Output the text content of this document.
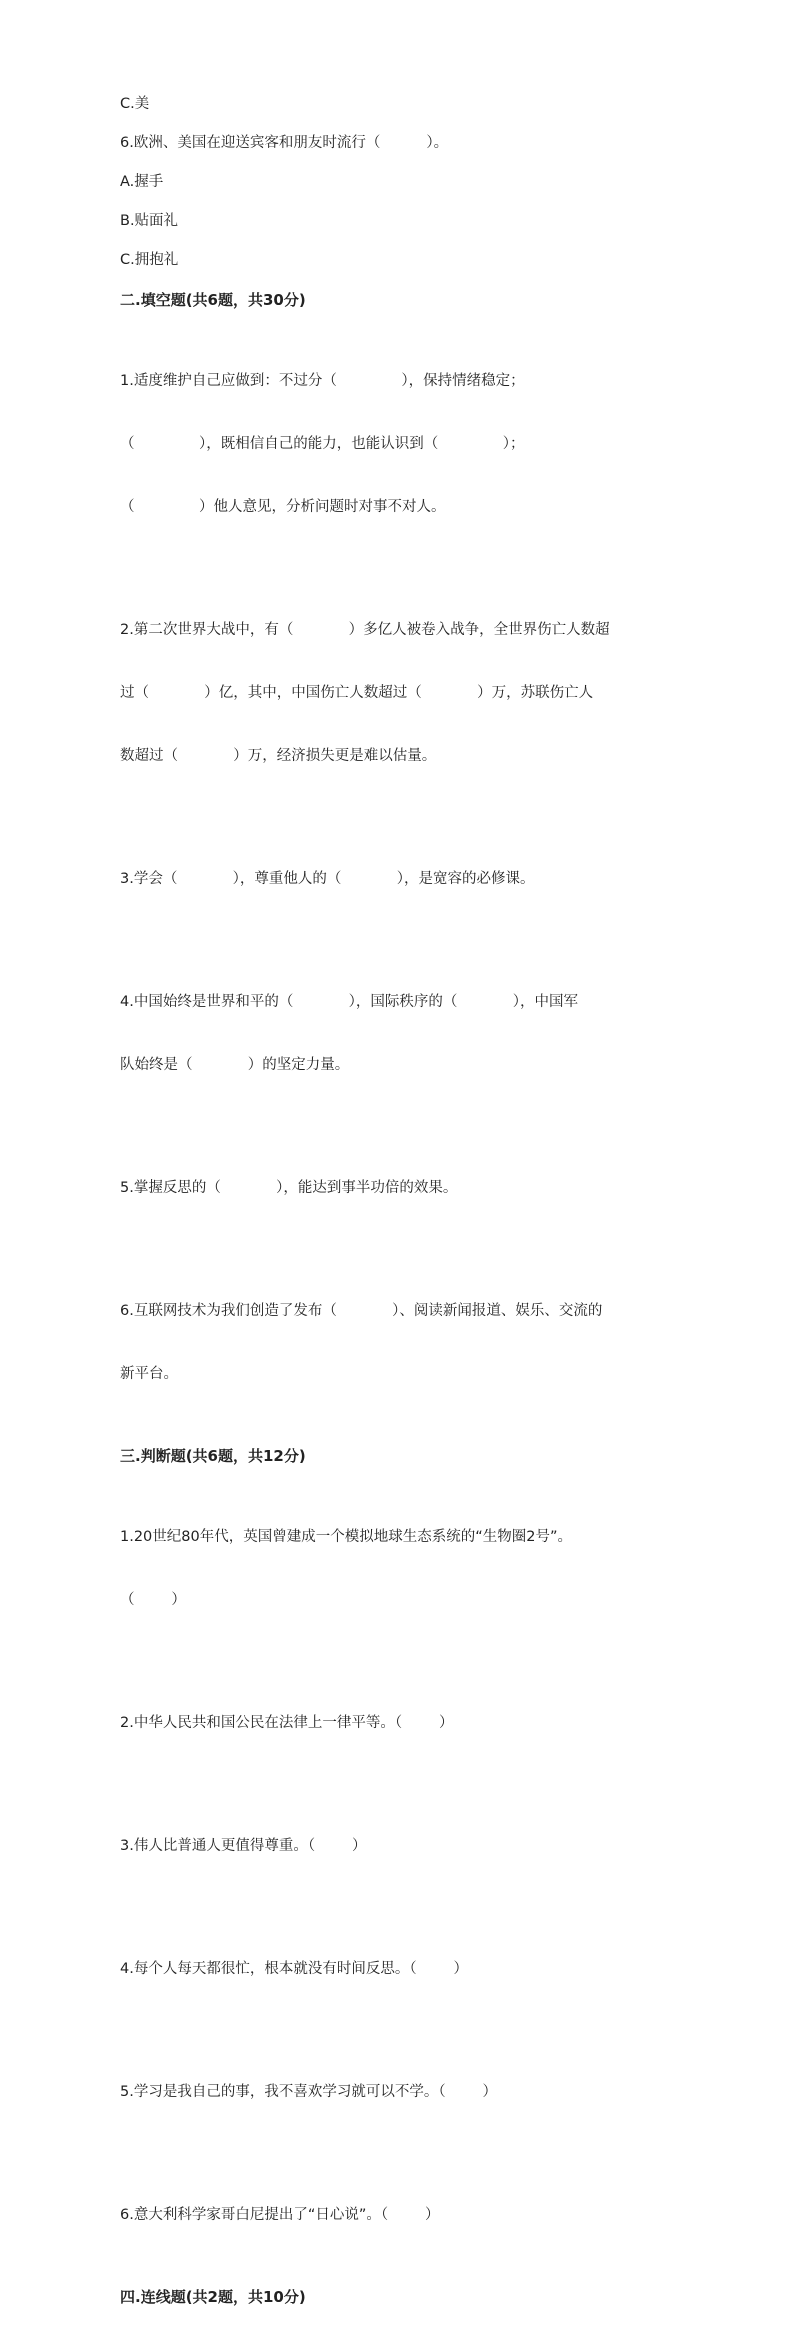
C.美
6.欧洲、美国在迎送宾客和朋友时流行（          ）。
A.握手
B.贴面礼
C.拥抱礼
二.填空题(共6题，共30分)

1.适度维护自己应做到：不过分（              ），保持情绪稳定；

（              ），既相信自己的能力，也能认识到（              ）；

（              ）他人意见，分析问题时对事不对人。

2.第二次世界大战中，有（            ）多亿人被卷入战争，全世界伤亡人数超

过（            ）亿，其中，中国伤亡人数超过（            ）万，苏联伤亡人

数超过（            ）万，经济损失更是难以估量。

3.学会（            ），尊重他人的（            ），是宽容的必修课。

4.中国始终是世界和平的（            ），国际秩序的（            ），中国军

队始终是（            ）的坚定力量。

5.掌握反思的（            ），能达到事半功倍的效果。

6.互联网技术为我们创造了发布（            ）、阅读新闻报道、娱乐、交流的

新平台。

三.判断题(共6题，共12分)

1.20世纪80年代，英国曾建成一个模拟地球生态系统的“生物圈2号”。

（        ）

2.中华人民共和国公民在法律上一律平等。（        ）

3.伟人比普通人更值得尊重。（        ）

4.每个人每天都很忙，根本就没有时间反思。（        ）

5.学习是我自己的事，我不喜欢学习就可以不学。（        ）

6.意大利科学家哥白尼提出了“日心说”。（        ）

四.连线题(共2题，共10分)
